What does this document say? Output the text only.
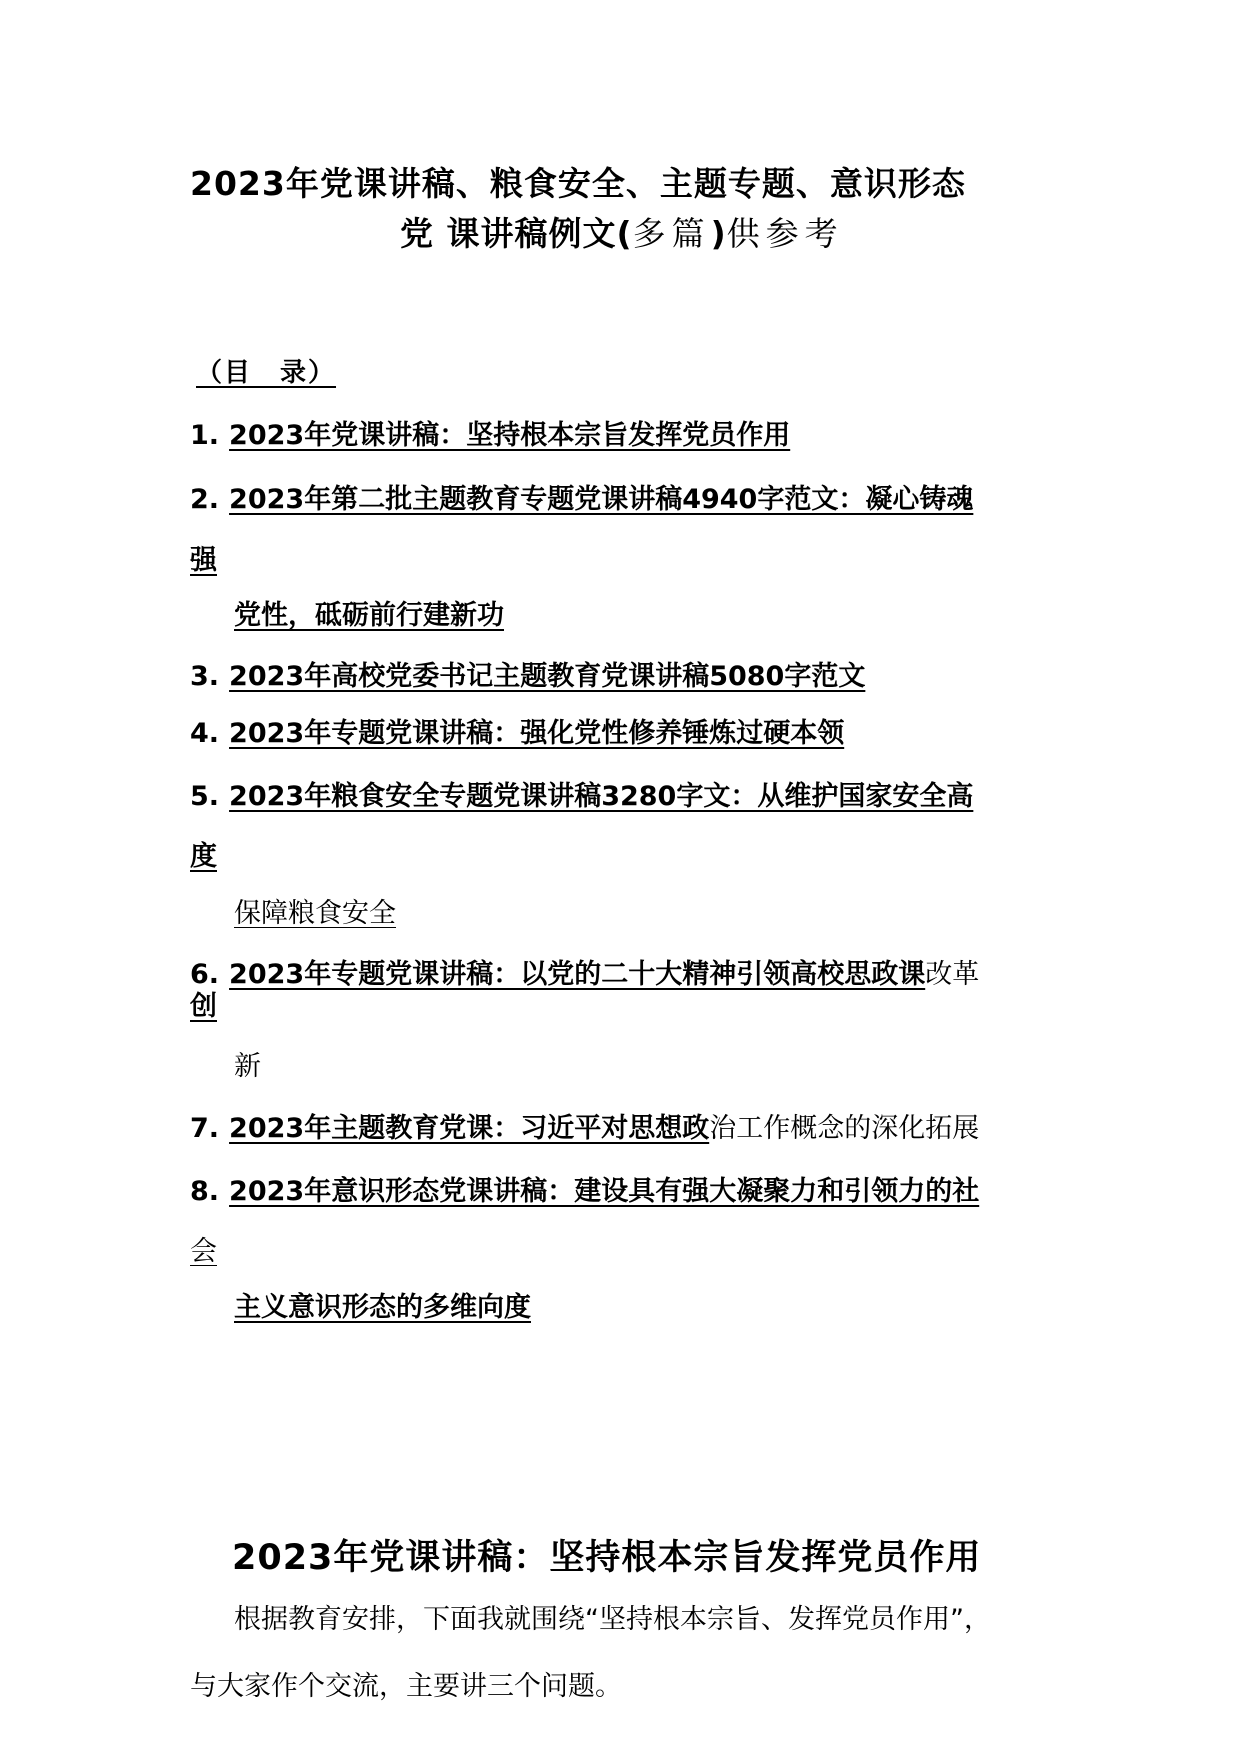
2023年党课讲稿、粮食安全、主题专题、意识形态
党 课讲稿例文(多篇)供参考
（目　录）
1. 2023年党课讲稿：坚持根本宗旨发挥党员作用
2. 2023年第二批主题教育专题党课讲稿4940字范文：凝心铸魂
强
党性，砥砺前行建新功
3. 2023年高校党委书记主题教育党课讲稿5080字范文
4. 2023年专题党课讲稿：强化党性修养锤炼过硬本领
5. 2023年粮食安全专题党课讲稿3280字文：从维护国家安全高
度
保障粮食安全
6. 2023年专题党课讲稿：以党的二十大精神引领高校思政课改革
创
新
7. 2023年主题教育党课：习近平对思想政治工作概念的深化拓展
8. 2023年意识形态党课讲稿：建设具有强大凝聚力和引领力的社
会
主义意识形态的多维向度
2023年党课讲稿：坚持根本宗旨发挥党员作用
根据教育安排，下面我就围绕“坚持根本宗旨、发挥党员作用”，
与大家作个交流，主要讲三个问题。
